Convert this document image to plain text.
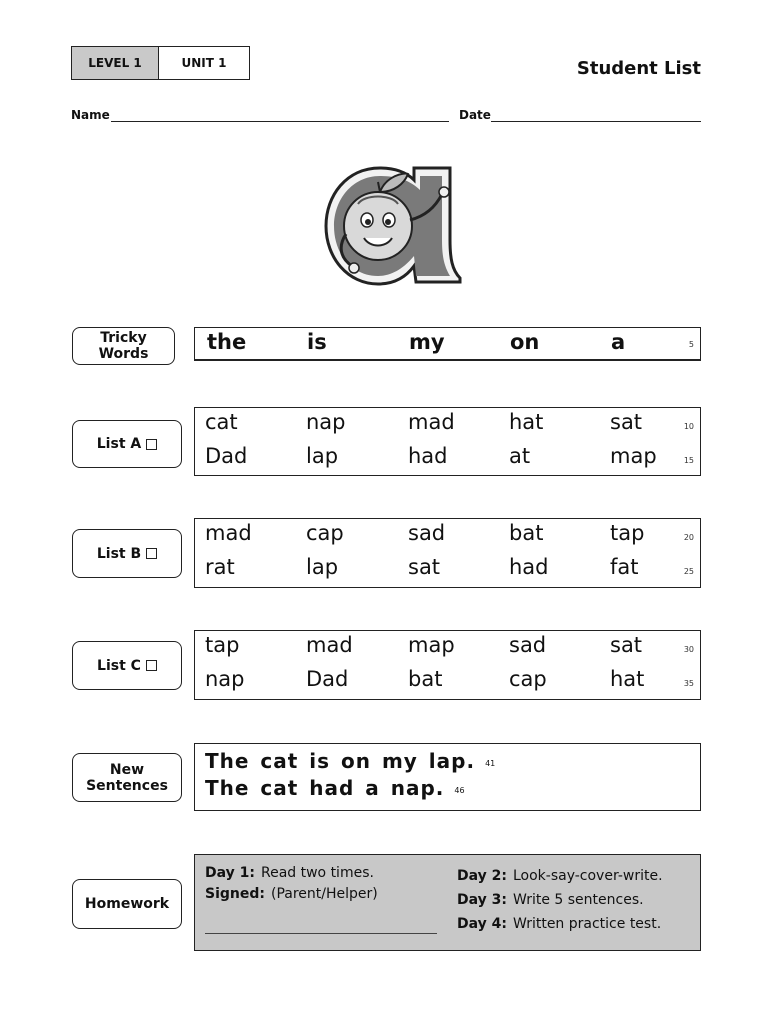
LEVEL 1	UNIT 1	Student List
Name	Date
Tricky Words	the	is	my	on	a	5
List A
cat	nap	mad	hat	sat	10
Dad	lap	had	at	map	15
List B
mad	cap	sad	bat	tap	20
rat	lap	sat	had	fat	25
List C
tap	mad	map	sad	sat	30
nap	Dad	bat	cap	hat	35
New
Sentences
The cat is on my lap. 41
The cat had a nap. 46
Homework
Day 1: Read two times.
Signed: (Parent/Helper)
Day 2: Look-say-cover-write.
Day 3: Write 5 sentences.
Day 4: Written practice test.
